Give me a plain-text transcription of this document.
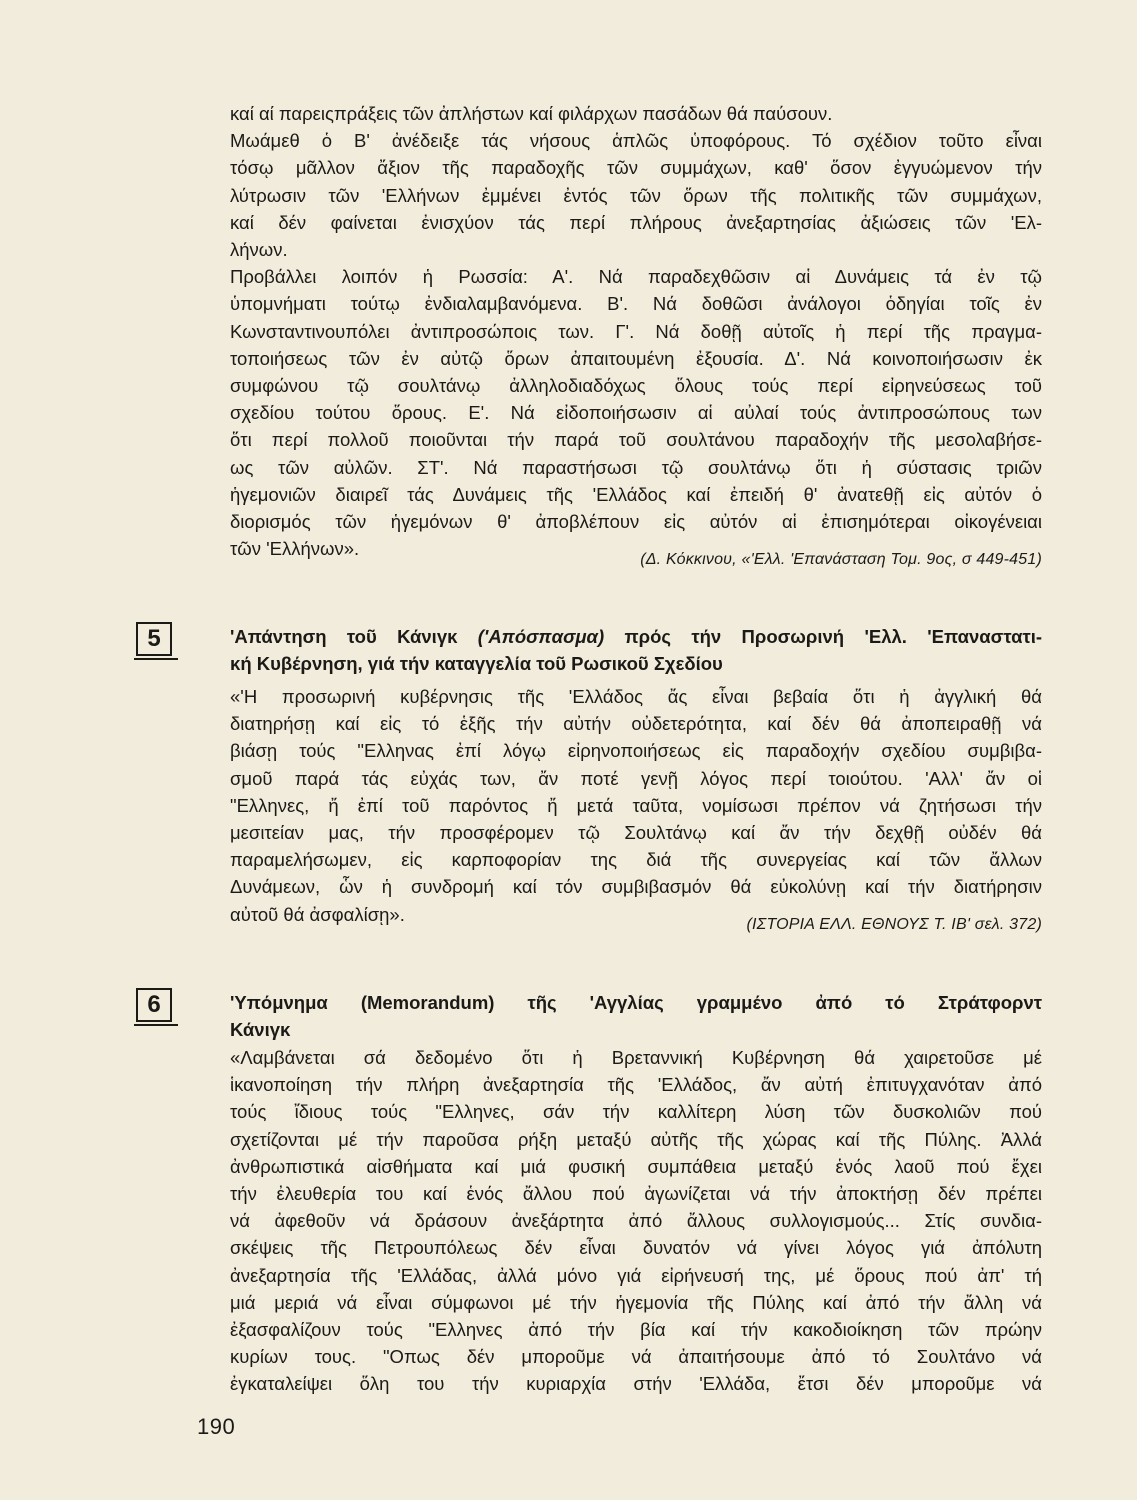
καί αί παρειςπράξεις τῶν ἀπλήστων καί φιλάρχων πασάδων θά παύσουν.
Μωάμεθ ὁ Β' ἀνέδειξε τάς νήσους ἁπλῶς ὑποφόρους. Τό σχέδιον τοῦτο εἶναι
τόσῳ μᾶλλον ἄξιον τῆς παραδοχῆς τῶν συμμάχων, καθ' ὅσον ἐγγυώμενον τήν
λύτρωσιν τῶν 'Ελλήνων ἐμμένει ἐντός τῶν ὅρων τῆς πολιτικῆς τῶν συμμάχων,
καί δέν φαίνεται ἐνισχύον τάς περί πλήρους ἀνεξαρτησίας ἀξιώσεις τῶν 'Ελ-
λήνων.
Προβάλλει λοιπόν ἡ Ρωσσία: Α'. Νά παραδεχθῶσιν αἱ Δυνάμεις τά ἐν τῷ
ὑπομνήματι τούτῳ ἐνδιαλαμβανόμενα. Β'. Νά δοθῶσι ἀνάλογοι ὁδηγίαι τοῖς ἐν
Κωνσταντινουπόλει ἀντιπροσώποις των. Γ'. Νά δοθῇ αὐτοῖς ἡ περί τῆς πραγμα-
τοποιήσεως τῶν ἐν αὐτῷ ὅρων ἀπαιτουμένη ἐξουσία. Δ'. Νά κοινοποιήσωσιν ἐκ
συμφώνου τῷ σουλτάνῳ ἀλληλοδιαδόχως ὅλους τούς περί εἰρηνεύσεως τοῦ
σχεδίου τούτου ὅρους. Ε'. Νά εἰδοποιήσωσιν αἱ αὐλαί τούς ἀντιπροσώπους των
ὅτι περί πολλοῦ ποιοῦνται τήν παρά τοῦ σουλτάνου παραδοχήν τῆς μεσολαβήσε-
ως τῶν αὐλῶν. ΣΤ'. Νά παραστήσωσι τῷ σουλτάνῳ ὅτι ἡ σύστασις τριῶν
ἡγεμονιῶν διαιρεῖ τάς Δυνάμεις τῆς 'Ελλάδος καί ἐπειδή θ' ἀνατεθῇ εἰς αὐτόν ὁ
διορισμός τῶν ἡγεμόνων θ' ἀποβλέπουν εἰς αὐτόν αἱ ἐπισημότεραι οἰκογένειαι
τῶν 'Ελλήνων».
(Δ. Κόκκινου, «'Ελλ. 'Επανάσταση Τομ. 9ος, σ 449-451)
5	'Απάντηση τοῦ Κάνιγκ ('Απόσπασμα) πρός τήν Προσωρινή 'Ελλ. 'Επαναστατι-
κή Κυβέρνηση, γιά τήν καταγγελία τοῦ Ρωσικοῦ Σχεδίου
«'Η προσωρινή κυβέρνησις τῆς 'Ελλάδος ἄς εἶναι βεβαία ὅτι ἡ ἀγγλική θά
διατηρήσῃ καί εἰς τό ἑξῆς τήν αὐτήν οὐδετερότητα, καί δέν θά ἀποπειραθῇ νά
βιάσῃ τούς "Ελληνας ἐπί λόγῳ εἰρηνοποιήσεως εἰς παραδοχήν σχεδίου συμβιβα-
σμοῦ παρά τάς εὐχάς των, ἄν ποτέ γενῇ λόγος περί τοιούτου. 'Αλλ' ἄν οἱ
"Ελληνες, ἤ ἐπί τοῦ παρόντος ἤ μετά ταῦτα, νομίσωσι πρέπον νά ζητήσωσι τήν
μεσιτείαν μας, τήν προσφέρομεν τῷ Σουλτάνῳ καί ἄν τήν δεχθῇ οὐδέν θά
παραμελήσωμεν, εἰς καρποφορίαν της διά τῆς συνεργείας καί τῶν ἄλλων
Δυνάμεων, ὧν ἡ συνδρομή καί τόν συμβιβασμόν θά εὐκολύνῃ καί τήν διατήρησιν
αὐτοῦ θά ἀσφαλίσῃ».	(ΙΣΤΟΡΙΑ ΕΛΛ. ΕΘΝΟΥΣ Τ. ΙΒ' σελ. 372)
6	'Υπόμνημα (Memorandum) τῆς 'Αγγλίας γραμμένο ἀπό τό Στράτφορντ
Κάνιγκ
«Λαμβάνεται σά δεδομένο ὅτι ἡ Βρεταννική Κυβέρνηση θά χαιρετοῦσε μέ
ἱκανοποίηση τήν πλήρη ἀνεξαρτησία τῆς 'Ελλάδος, ἄν αὐτή ἐπιτυγχανόταν ἀπό
τούς ἴδιους τούς "Ελληνες, σάν τήν καλλίτερη λύση τῶν δυσκολιῶν πού
σχετίζονται μέ τήν παροῦσα ρήξη μεταξύ αὐτῆς τῆς χώρας καί τῆς Πύλης. Ἀλλά
ἀνθρωπιστικά αἰσθήματα καί μιά φυσική συμπάθεια μεταξύ ἑνός λαοῦ πού ἔχει
τήν ἐλευθερία του καί ἑνός ἄλλου πού ἀγωνίζεται νά τήν ἀποκτήσῃ δέν πρέπει
νά ἀφεθοῦν νά δράσουν ἀνεξάρτητα ἀπό ἄλλους συλλογισμούς... Στίς συνδια-
σκέψεις τῆς Πετρουπόλεως δέν εἶναι δυνατόν νά γίνει λόγος γιά ἀπόλυτη
ἀνεξαρτησία τῆς 'Ελλάδας, ἀλλά μόνο γιά εἰρήνευσή της, μέ ὅρους πού ἀπ' τή
μιά μεριά νά εἶναι σύμφωνοι μέ τήν ἡγεμονία τῆς Πύλης καί ἀπό τήν ἄλλη νά
ἐξασφαλίζουν τούς "Ελληνες ἀπό τήν βία καί τήν κακοδιοίκηση τῶν πρώην
κυρίων τους. "Οπως δέν μποροῦμε νά ἀπαιτήσουμε ἀπό τό Σουλτάνο νά
ἐγκαταλείψει ὅλη του τήν κυριαρχία στήν 'Ελλάδα, ἔτσι δέν μποροῦμε νά
190
